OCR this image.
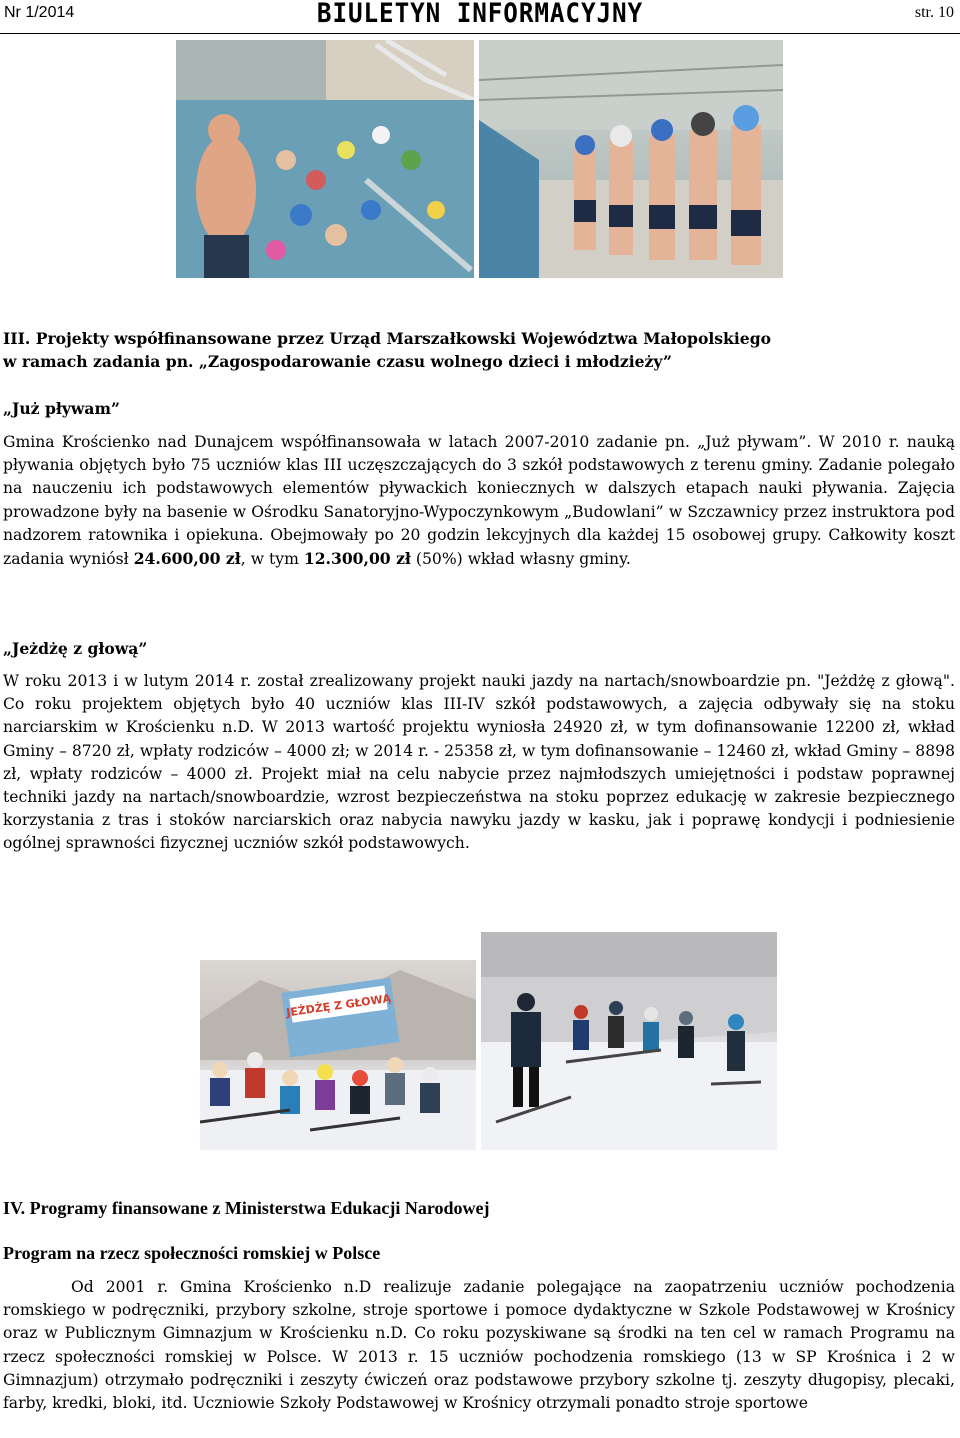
Nr 1/2014	BIULETYN INFORMACYJNY	str. 10
III. Projekty współfinansowane przez Urząd Marszałkowski Województwa Małopolskiego
w ramach zadania pn. „Zagospodarowanie czasu wolnego dzieci i młodzieży”
„Już pływam”
Gmina Krościenko nad Dunajcem współfinansowała w latach 2007-2010 zadanie pn. „Już pływam”. W 2010 r. nauką pływania objętych było 75 uczniów klas III uczęszczających do 3 szkół podstawowych z terenu gminy. Zadanie polegało na nauczeniu ich podstawowych elementów pływackich koniecznych w dalszych etapach nauki pływania. Zajęcia prowadzone były na basenie w Ośrodku Sanatoryjno-Wypoczynkowym „Budowlani” w Szczawnicy przez instruktora pod nadzorem ratownika i opiekuna. Obejmowały po 20 godzin lekcyjnych dla każdej 15 osobowej grupy. Całkowity koszt zadania wyniósł 24.600,00 zł, w tym 12.300,00 zł (50%) wkład własny gminy.
„Jeżdżę z głową”
W roku 2013 i w lutym 2014 r. został zrealizowany projekt nauki jazdy na nartach/snowboardzie pn. "Jeżdżę z głową". Co roku projektem objętych było 40 uczniów klas III-IV szkół podstawowych, a zajęcia odbywały się na stoku narciarskim w Krościenku n.D. W 2013 wartość projektu wyniosła 24920 zł, w tym dofinansowanie 12200 zł, wkład Gminy – 8720 zł, wpłaty rodziców – 4000 zł; w 2014 r. - 25358 zł, w tym dofinansowanie – 12460 zł, wkład Gminy – 8898 zł, wpłaty rodziców – 4000 zł. Projekt miał na celu nabycie przez najmłodszych umiejętności i podstaw poprawnej techniki jazdy na nartach/snowboardzie, wzrost bezpieczeństwa na stoku poprzez edukację w zakresie bezpiecznego korzystania z tras i stoków narciarskich oraz nabycia nawyku jazdy w kasku, jak i poprawę kondycji i podniesienie ogólnej sprawności fizycznej uczniów szkół podstawowych.
JEŻDŻĘ Z GŁOWĄ
IV. Programy finansowane z Ministerstwa Edukacji Narodowej
Program na rzecz społeczności romskiej w Polsce
Od 2001 r. Gmina Krościenko n.D realizuje zadanie polegające na zaopatrzeniu uczniów pochodzenia romskiego w podręczniki, przybory szkolne, stroje sportowe i pomoce dydaktyczne w Szkole Podstawowej w Krośnicy oraz w Publicznym Gimnazjum w Krościenku n.D. Co roku pozyskiwane są środki na ten cel w ramach Programu na rzecz społeczności romskiej w Polsce. W 2013 r. 15 uczniów pochodzenia romskiego (13 w SP Krośnica i 2 w Gimnazjum) otrzymało podręczniki i zeszyty ćwiczeń oraz podstawowe przybory szkolne tj. zeszyty długopisy, plecaki, farby, kredki, bloki, itd. Uczniowie Szkoły Podstawowej w Krośnicy otrzymali ponadto stroje sportowe
